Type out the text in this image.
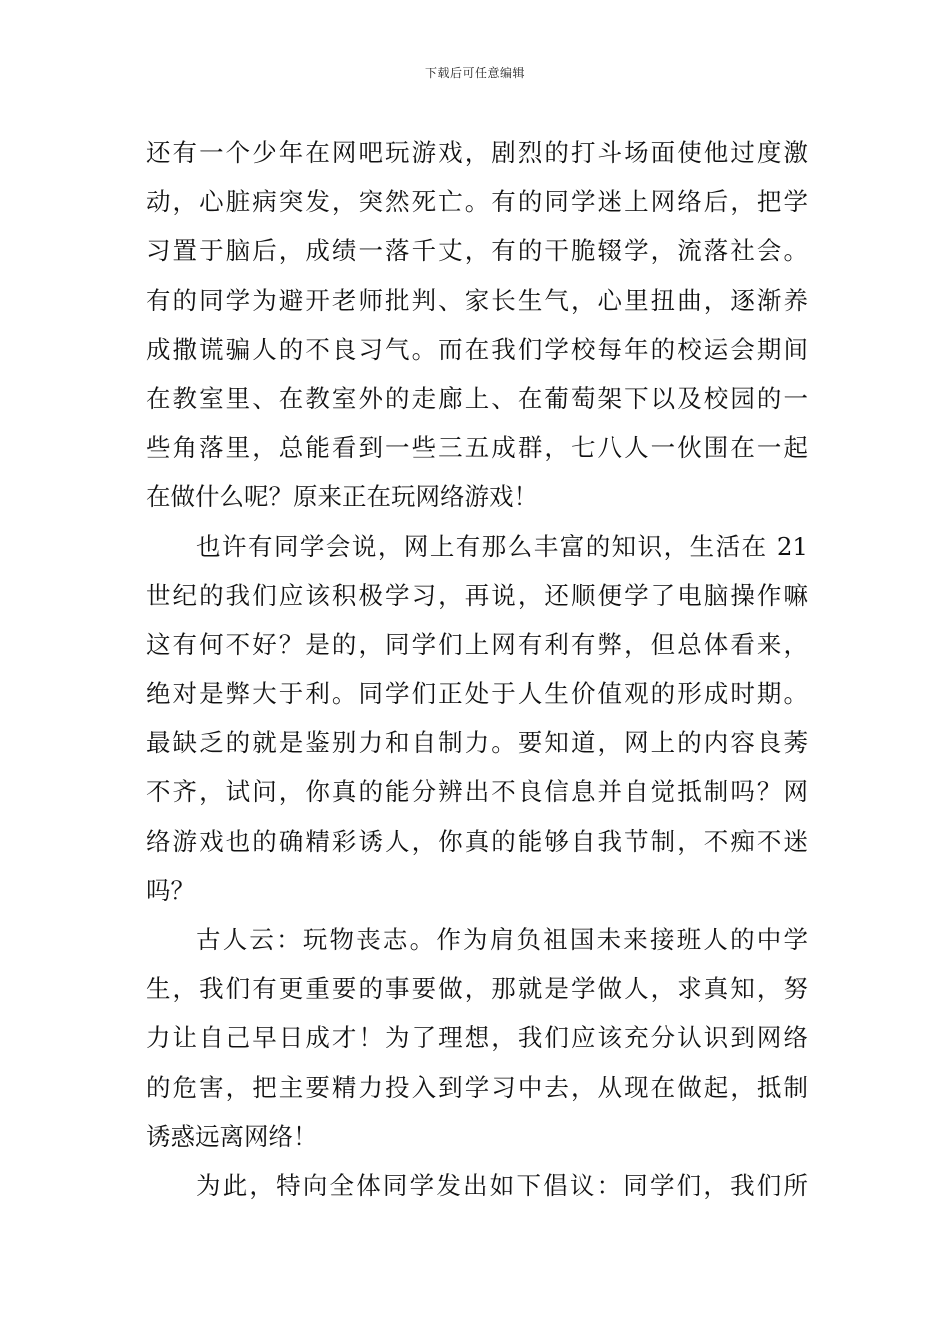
下载后可任意编辑
还有一个少年在网吧玩游戏，剧烈的打斗场面使他过度激
动，心脏病突发，突然死亡。有的同学迷上网络后，把学
习置于脑后，成绩一落千丈，有的干脆辍学，流落社会。
有的同学为避开老师批判、家长生气，心里扭曲，逐渐养
成撒谎骗人的不良习气。而在我们学校每年的校运会期间
在教室里、在教室外的走廊上、在葡萄架下以及校园的一
些角落里，总能看到一些三五成群，七八人一伙围在一起
在做什么呢？原来正在玩网络游戏！
也许有同学会说，网上有那么丰富的知识，生活在 21
世纪的我们应该积极学习，再说，还顺便学了电脑操作嘛
这有何不好？是的，同学们上网有利有弊，但总体看来，
绝对是弊大于利。同学们正处于人生价值观的形成时期。
最缺乏的就是鉴别力和自制力。要知道，网上的内容良莠
不齐，试问，你真的能分辨出不良信息并自觉抵制吗？网
络游戏也的确精彩诱人，你真的能够自我节制，不痴不迷
吗？
古人云：玩物丧志。作为肩负祖国未来接班人的中学
生，我们有更重要的事要做，那就是学做人，求真知，努
力让自己早日成才！为了理想，我们应该充分认识到网络
的危害，把主要精力投入到学习中去，从现在做起，抵制
诱惑远离网络！
为此，特向全体同学发出如下倡议：同学们，我们所
